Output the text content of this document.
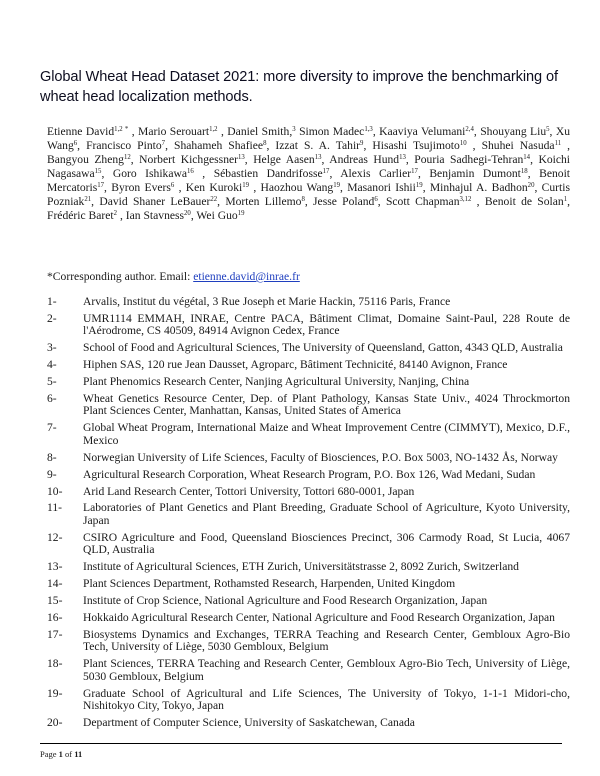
Global Wheat Head Dataset 2021: more diversity to improve the benchmarking of wheat head localization methods.
Etienne David$^{1,2 *}$ , Mario Serouart$^{1,2}$ , Daniel Smith,$^3$ Simon Madec$^{1,3}$, Kaaviya Velumani$^{2,4}$, Shouyang Liu$^5$, Xu Wang$^6$, Francisco Pinto$^7$, Shahameh Shafiee$^8$, Izzat S. A. Tahir$^9$, Hisashi Tsujimoto$^{10}$ , Shuhei Nasuda$^{11}$ , Bangyou Zheng$^{12}$, Norbert Kichgessner$^{13}$, Helge Aasen$^{13}$, Andreas Hund$^{13}$, Pouria Sadhegi-Tehran$^{14}$, Koichi Nagasawa$^{15}$, Goro Ishikawa$^{16}$ , Sébastien Dandrifosse$^{17}$, Alexis Carlier$^{17}$, Benjamin Dumont$^{18}$, Benoit Mercatoris$^{17}$, Byron Evers$^6$ , Ken Kuroki$^{19}$ , Haozhou Wang$^{19}$, Masanori Ishii$^{19}$, Minhajul A. Badhon$^{20}$, Curtis Pozniak$^{21}$, David Shaner LeBauer$^{22}$, Morten Lillemo$^8$, Jesse Poland$^6$, Scott Chapman$^{3,12}$ , Benoit de Solan$^1$, Frédéric Baret$^2$ , Ian Stavness$^{20}$, Wei Guo$^{19}$
*Corresponding author. Email: etienne.david@inrae.fr
1-	Arvalis, Institut du végétal, 3 Rue Joseph et Marie Hackin, 75116 Paris, France
2-	UMR1114 EMMAH, INRAE, Centre PACA, Bâtiment Climat, Domaine Saint-Paul, 228 Route de l'Aérodrome, CS 40509, 84914 Avignon Cedex, France
3-	School of Food and Agricultural Sciences, The University of Queensland, Gatton, 4343 QLD, Australia
4-	Hiphen SAS, 120 rue Jean Dausset, Agroparc, Bâtiment Technicité, 84140 Avignon, France
5-	Plant Phenomics Research Center, Nanjing Agricultural University, Nanjing, China
6-	Wheat Genetics Resource Center, Dep. of Plant Pathology, Kansas State Univ., 4024 Throckmorton Plant Sciences Center, Manhattan, Kansas, United States of America
7-	Global Wheat Program, International Maize and Wheat Improvement Centre (CIMMYT), Mexico, D.F., Mexico
8-	Norwegian University of Life Sciences, Faculty of Biosciences, P.O. Box 5003, NO-1432 Ås, Norway
9-	Agricultural Research Corporation, Wheat Research Program, P.O. Box 126, Wad Medani, Sudan
10-	Arid Land Research Center, Tottori University, Tottori 680-0001, Japan
11-	Laboratories of Plant Genetics and Plant Breeding, Graduate School of Agriculture, Kyoto University, Japan
12-	CSIRO Agriculture and Food, Queensland Biosciences Precinct, 306 Carmody Road, St Lucia, 4067 QLD, Australia
13-	Institute of Agricultural Sciences, ETH Zurich, Universitätstrasse 2, 8092 Zurich, Switzerland
14-	Plant Sciences Department, Rothamsted Research, Harpenden, United Kingdom
15-	Institute of Crop Science, National Agriculture and Food Research Organization, Japan
16-	Hokkaido Agricultural Research Center, National Agriculture and Food Research Organization, Japan
17-	Biosystems Dynamics and Exchanges, TERRA Teaching and Research Center, Gembloux Agro-Bio Tech, University of Liège, 5030 Gembloux, Belgium
18-	Plant Sciences, TERRA Teaching and Research Center, Gembloux Agro-Bio Tech, University of Liège, 5030 Gembloux, Belgium
19-	Graduate School of Agricultural and Life Sciences, The University of Tokyo, 1-1-1 Midori-cho, Nishitokyo City, Tokyo, Japan
20-	Department of Computer Science, University of Saskatchewan, Canada
Page 1 of 11
